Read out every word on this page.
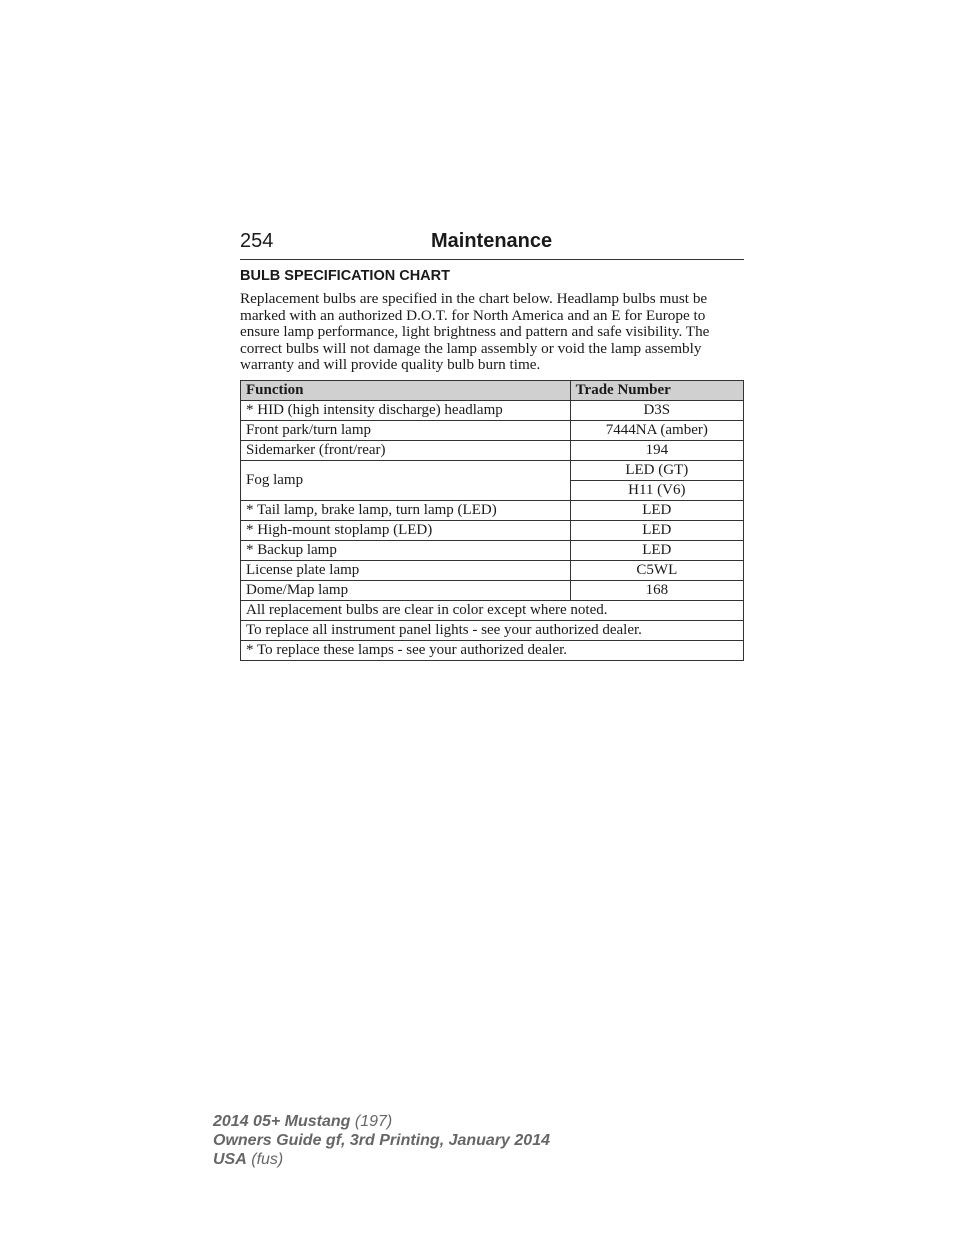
254	Maintenance
BULB SPECIFICATION CHART

Replacement bulbs are specified in the chart below. Headlamp bulbs must be marked with an authorized D.O.T. for North America and an E for Europe to ensure lamp performance, light brightness and pattern and safe visibility. The correct bulbs will not damage the lamp assembly or void the lamp assembly warranty and will provide quality bulb burn time.

Function	Trade Number
* HID (high intensity discharge) headlamp	D3S
Front park/turn lamp	7444NA (amber)
Sidemarker (front/rear)	194
Fog lamp	LED (GT)
	H11 (V6)
* Tail lamp, brake lamp, turn lamp (LED)	LED
* High-mount stoplamp (LED)	LED
* Backup lamp	LED
License plate lamp	C5WL
Dome/Map lamp	168
All replacement bulbs are clear in color except where noted.	
To replace all instrument panel lights - see your authorized dealer.	
* To replace these lamps - see your authorized dealer.	
2014 05+ Mustang (197)
Owners Guide gf, 3rd Printing, January 2014
USA (fus)
